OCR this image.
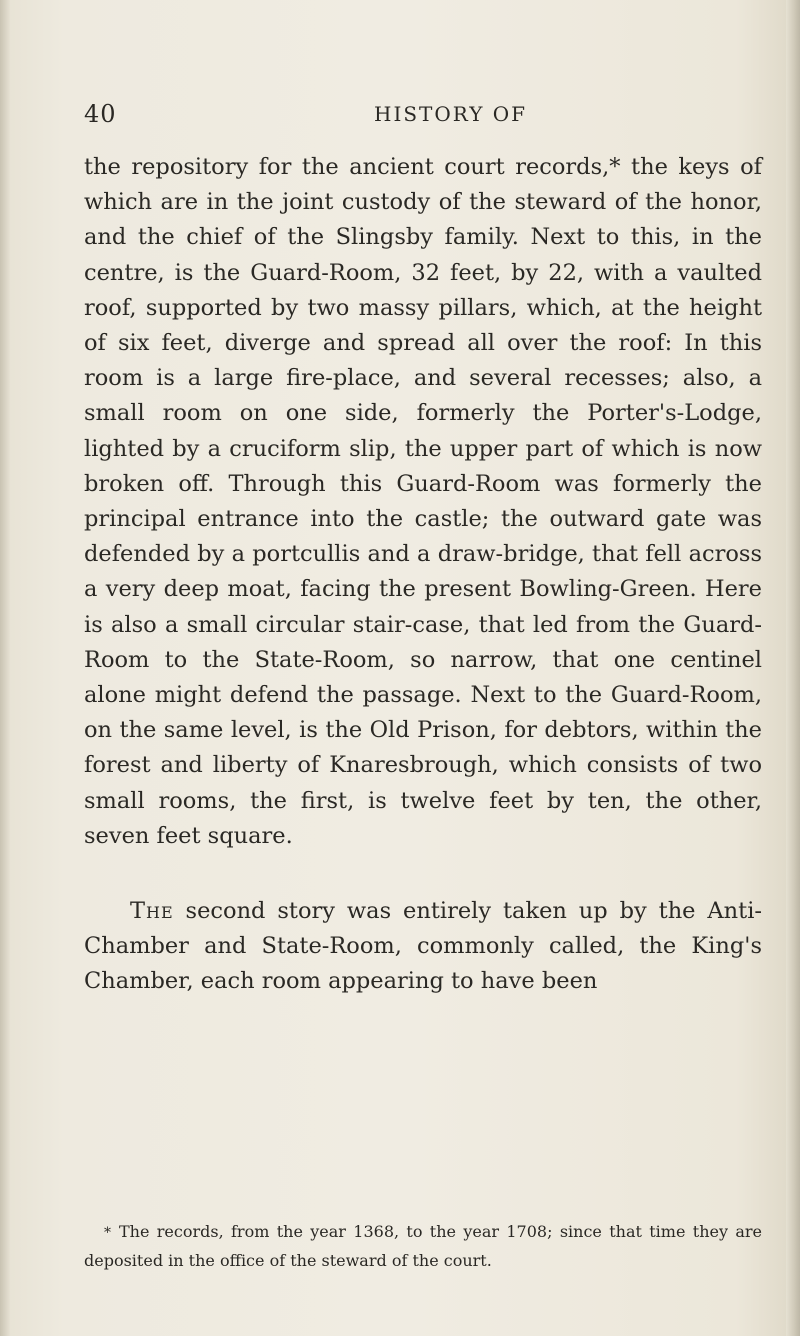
40	HISTORY OF

the repository for the ancient court records,* the keys of which are in the joint custody of the steward of the honor, and the chief of the Slingsby family. Next to this, in the centre, is the Guard-Room, 32 feet, by 22, with a vaulted roof, supported by two massy pillars, which, at the height of six feet, diverge and spread all over the roof: In this room is a large fire-place, and several recesses; also, a small room on one side, formerly the Porter's-Lodge, lighted by a cruciform slip, the upper part of which is now broken off. Through this Guard-Room was formerly the principal entrance into the castle; the outward gate was defended by a portcullis and a draw-bridge, that fell across a very deep moat, facing the present Bowling-Green. Here is also a small circular stair-case, that led from the Guard-Room to the State-Room, so narrow, that one centinel alone might defend the passage. Next to the Guard-Room, on the same level, is the Old Prison, for debtors, within the forest and liberty of Knaresbrough, which consists of two small rooms, the first, is twelve feet by ten, the other, seven feet square.

The second story was entirely taken up by the Anti-Chamber and State-Room, commonly called, the King's Chamber, each room appearing to have been

* The records, from the year 1368, to the year 1708; since that time they are deposited in the office of the steward of the court.
